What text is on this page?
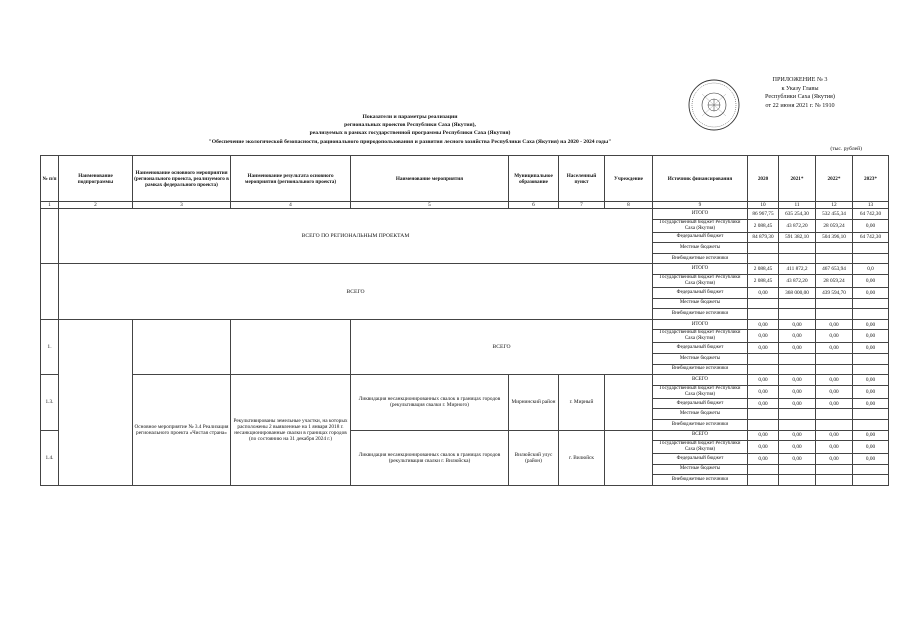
ПРИЛОЖЕНИЕ № 3
к Указу Главы
Республики Саха (Якутия)
от 22 июня 2021 г. № 1910
Показатели и параметры реализации
региональных проектов Республики Саха (Якутия),
реализуемых в рамках государственной программы Республики Саха (Якутия)
"Обеспечение экологической безопасности, рационального природопользования и развития лесного хозяйства Республики Саха (Якутия) на 2020 - 2024 годы"
(тыс. рублей)
№ п/п	Наименование подпрограммы	Наименование основного мероприятия (регионального проекта, реализуемого в рамках федерального проекта)	Наименование результата основного мероприятия (регионального проекта)	Наименование мероприятия	Муниципальное образование	Населенный пункт	Учреждение	Источник финансирования	2020	2021*	2022*	2023*
1	2	3	4	5	6	7	8	9	10	11	12	13
	ВСЕГО ПО РЕГИОНАЛЬНЫМ ПРОЕКТАМ							ИТОГО	86 967,75	635 254,30	532 455,34	64 742,30
								Государственный бюджет Республики Саха (Якутия)	2 088,45	43 872,20	28 059,24	0,00
								Федеральный бюджет	84 879,30	591 382,10	504 396,10	64 742,30
								Местные бюджеты				
								Внебюджетные источники				
	ВСЕГО							ИТОГО	2 088,45	411 872,2	467 653,94	0,0
								Государственный бюджет Республики Саха (Якутия)	2 088,45	43 872,20	28 059,24	0,00
								Федеральный бюджет	0,00	368 000,00	439 594,70	0,00
								Местные бюджеты				
								Внебюджетные источники				
1.				ВСЕГО				ИТОГО	0,00	0,00	0,00	0,00
								Государственный бюджет Республики Саха (Якутия)	0,00	0,00	0,00	0,00
								Федеральный бюджет	0,00	0,00	0,00	0,00
								Местные бюджеты				
								Внебюджетные источники				
1.3.		Основное мероприятие № 3.4 Реализация регионального проекта «Чистая страна»	Рекультивированы земельные участки, на которых расположены 2 выявленные на 1 января 2018 г. несанкционированные свалки в границах городов (по состоянию на 31 декабря 2024 г.)	Ликвидация несанкционированных свалок в границах городов (рекультивация свалки г. Мирного)	Мирнинский район	г. Мирный		ВСЕГО	0,00	0,00	0,00	0,00
								Государственный бюджет Республики Саха (Якутия)	0,00	0,00	0,00	0,00
								Федеральный бюджет	0,00	0,00	0,00	0,00
								Местные бюджеты				
								Внебюджетные источники				
1.4.				Ликвидация несанкционированных свалок в границах городов (рекультивация свалки г. Вилюйска)	Вилюйский улус (район)	г. Вилюйск		ВСЕГО	0,00	0,00	0,00	0,00
								Государственный бюджет Республики Саха (Якутия)	0,00	0,00	0,00	0,00
								Федеральный бюджет	0,00	0,00	0,00	0,00
								Местные бюджеты				
								Внебюджетные источники				
